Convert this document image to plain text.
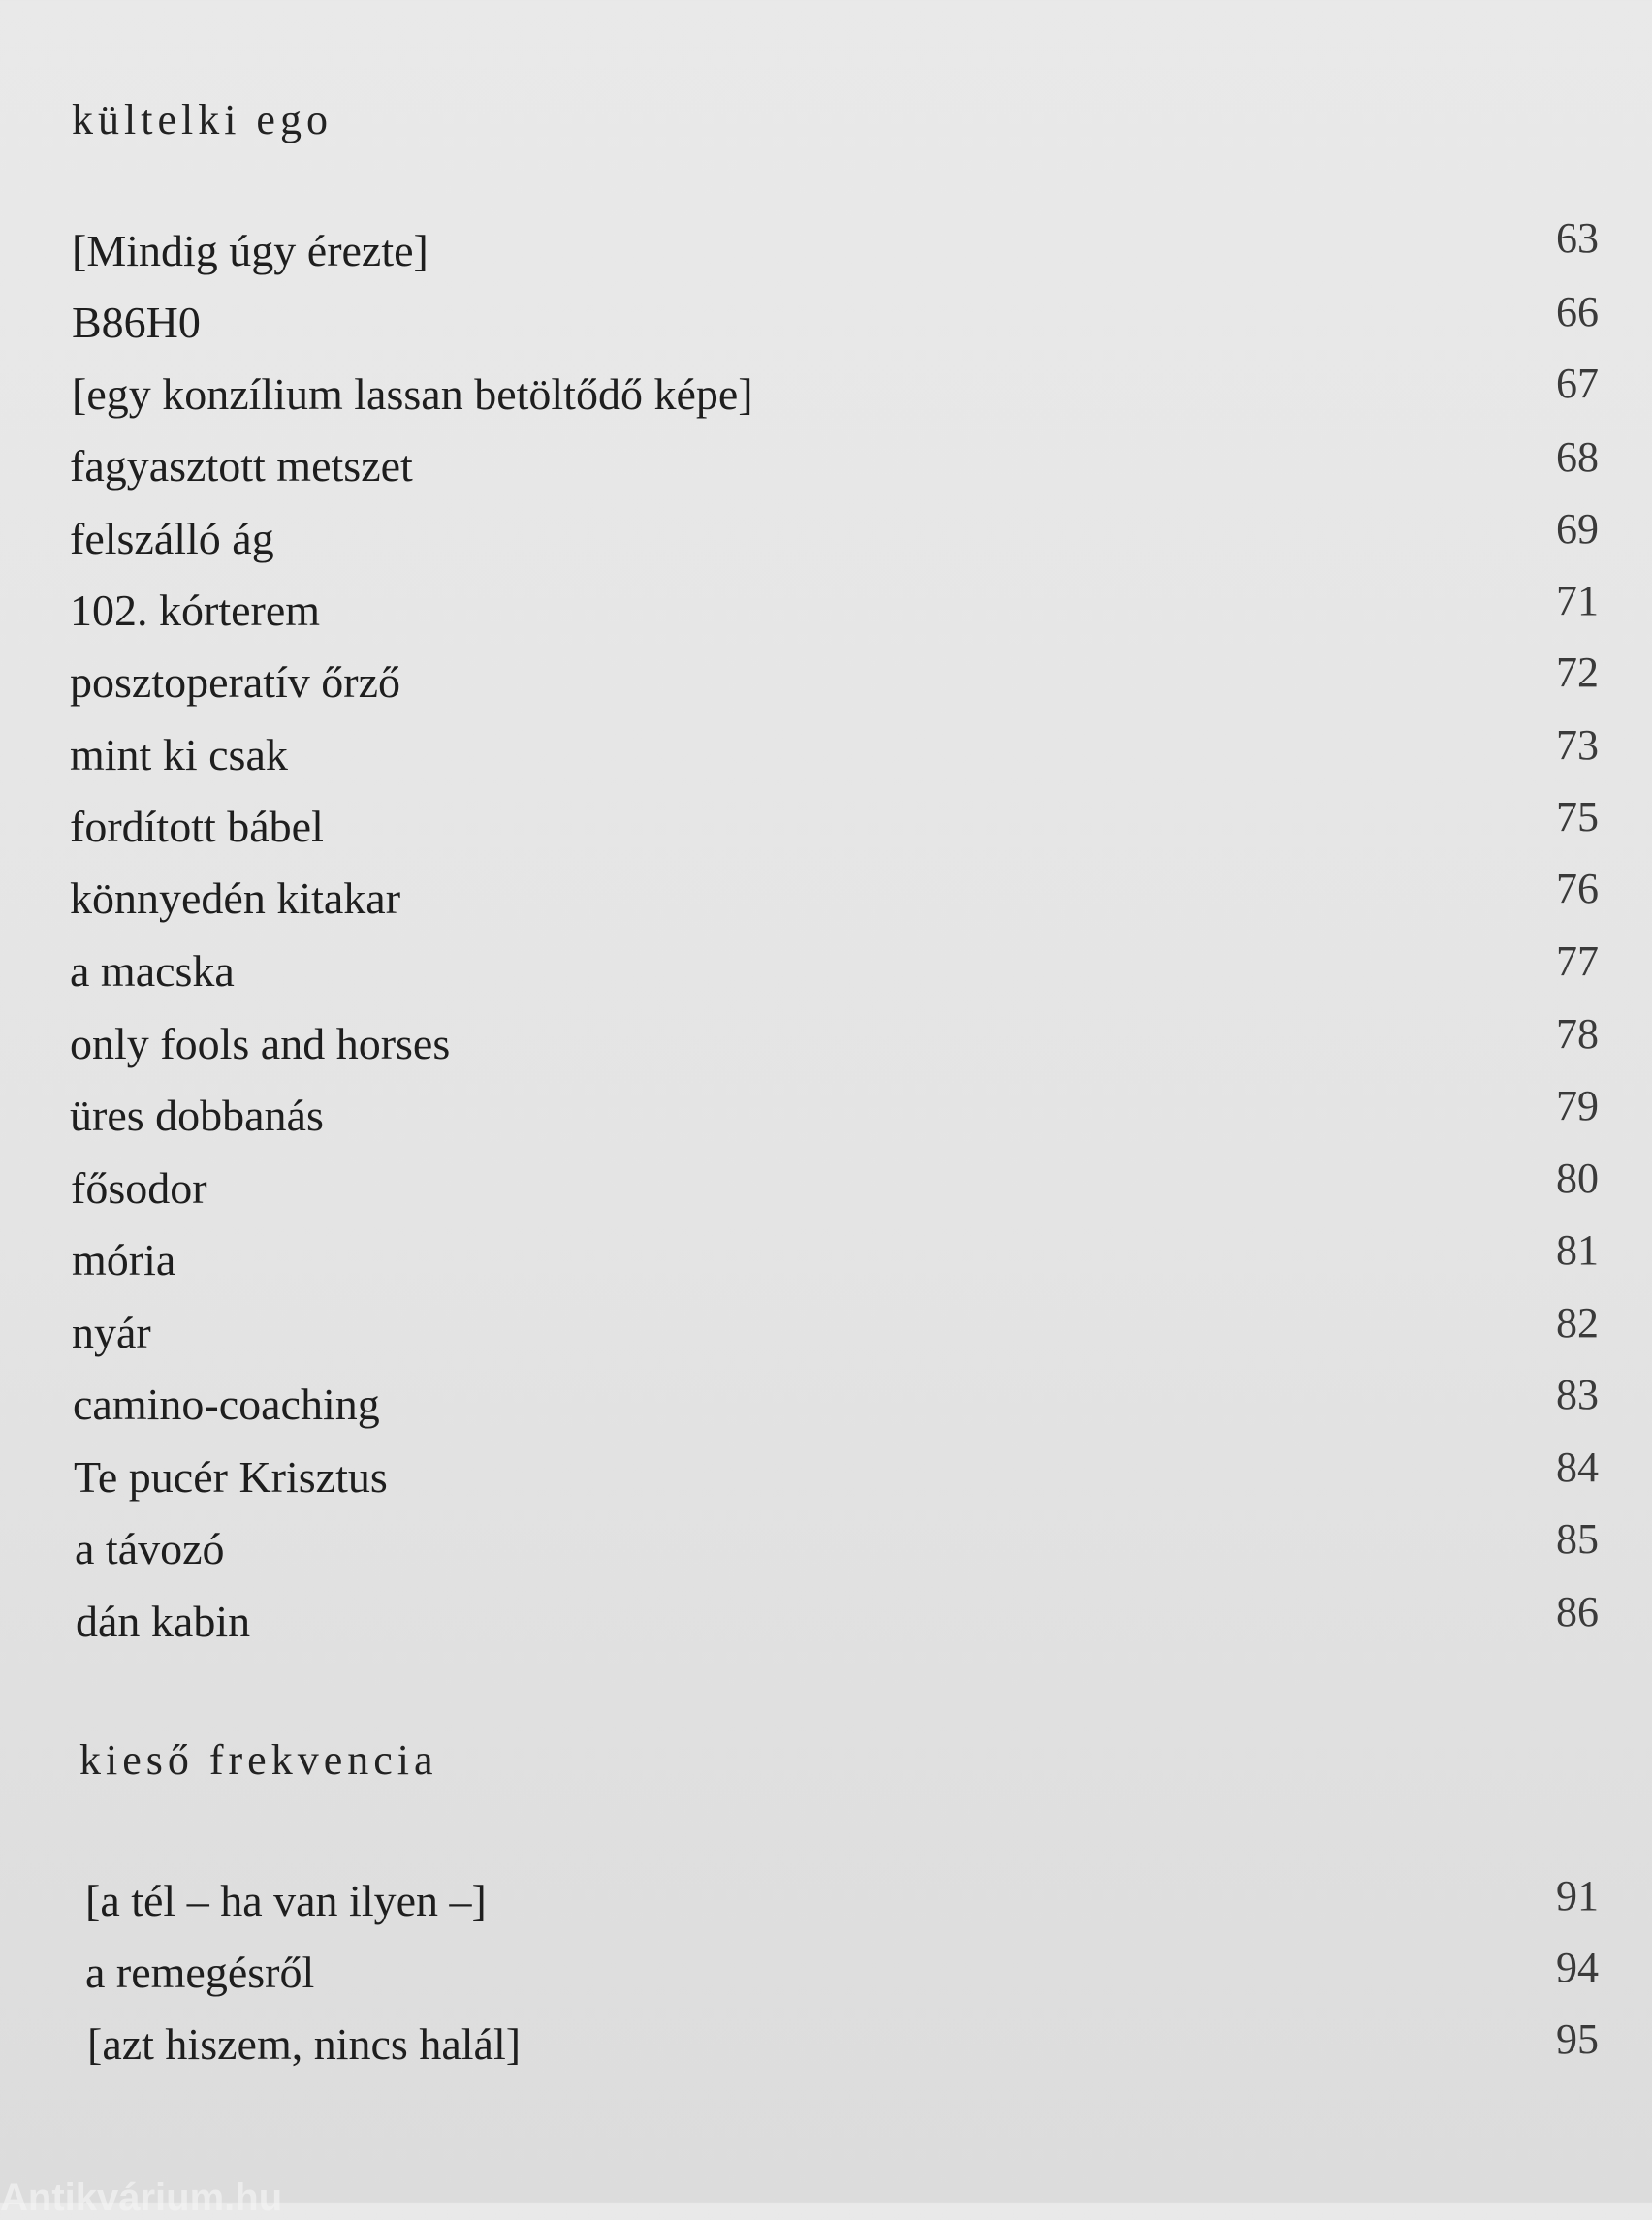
kültelki ego
[Mindig úgy érezte]	63
B86H0	66
[egy konzílium lassan betöltődő képe]	67
fagyasztott metszet	68
felszálló ág	69
102. kórterem	71
posztoperatív őrző	72
mint ki csak	73
fordított bábel	75
könnyedén kitakar	76
a macska	77
only fools and horses	78
üres dobbanás	79
fősodor	80
mória	81
nyár	82
camino-coaching	83
Te pucér Krisztus	84
a távozó	85
dán kabin	86
kieső frekvencia
[a tél – ha van ilyen –]	91
a remegésről	94
[azt hiszem, nincs halál]	95
Antikvárium.hu
